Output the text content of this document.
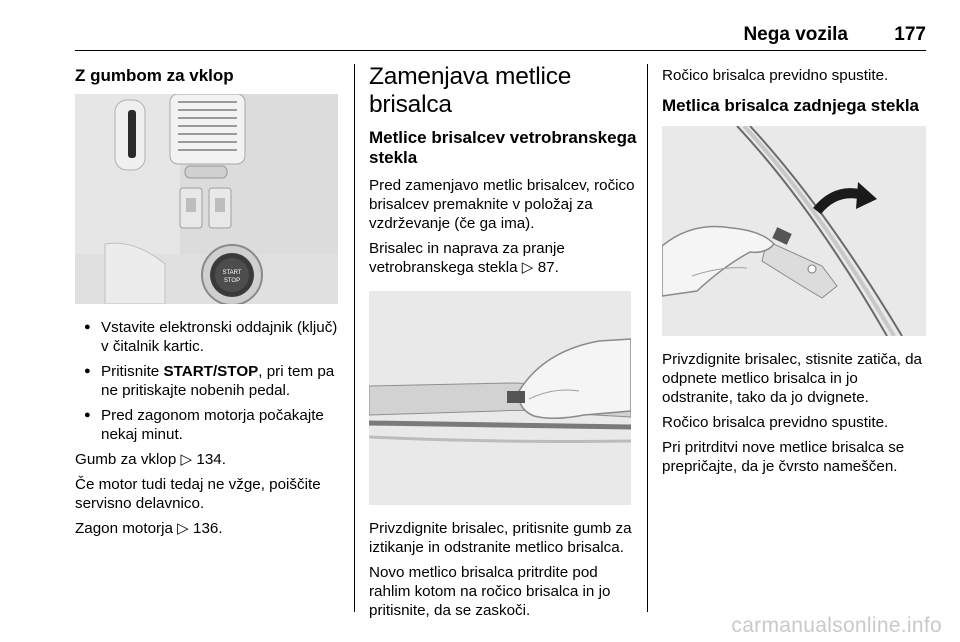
Nega vozila 177
Z gumbom za vklop
START
STOP
● Vstavite elektronski oddajnik (ključ) v čitalnik kartic.
● Pritisnite START/STOP, pri tem pa ne pritiskajte nobenih pedal.
● Pred zagonom motorja počakajte nekaj minut.

Gumb za vklop ▷ 134.

Če motor tudi tedaj ne vžge, poiščite servisno delavnico.

Zagon motorja ▷ 136.

Zamenjava metlice brisalca
Metlice brisalcev vetrobranskega stekla

Pred zamenjavo metlic brisalcev, ročico brisalcev premaknite v položaj za vzdrževanje (če ga ima).

Brisalec in naprava za pranje vetrobranskega stekla ▷ 87.

Privzdignite brisalec, pritisnite gumb za iztikanje in odstranite metlico brisalca.

Novo metlico brisalca pritrdite pod rahlim kotom na ročico brisalca in jo pritisnite, da se zaskoči.

Ročico brisalca previdno spustite.

Metlica brisalca zadnjega stekla

Privzdignite brisalec, stisnite zatiča, da odpnete metlico brisalca in jo odstranite, tako da jo dvignete.

Ročico brisalca previdno spustite.

Pri pritrditvi nove metlice brisalca se prepričajte, da je čvrsto nameščen.

carmanualsonline.info
